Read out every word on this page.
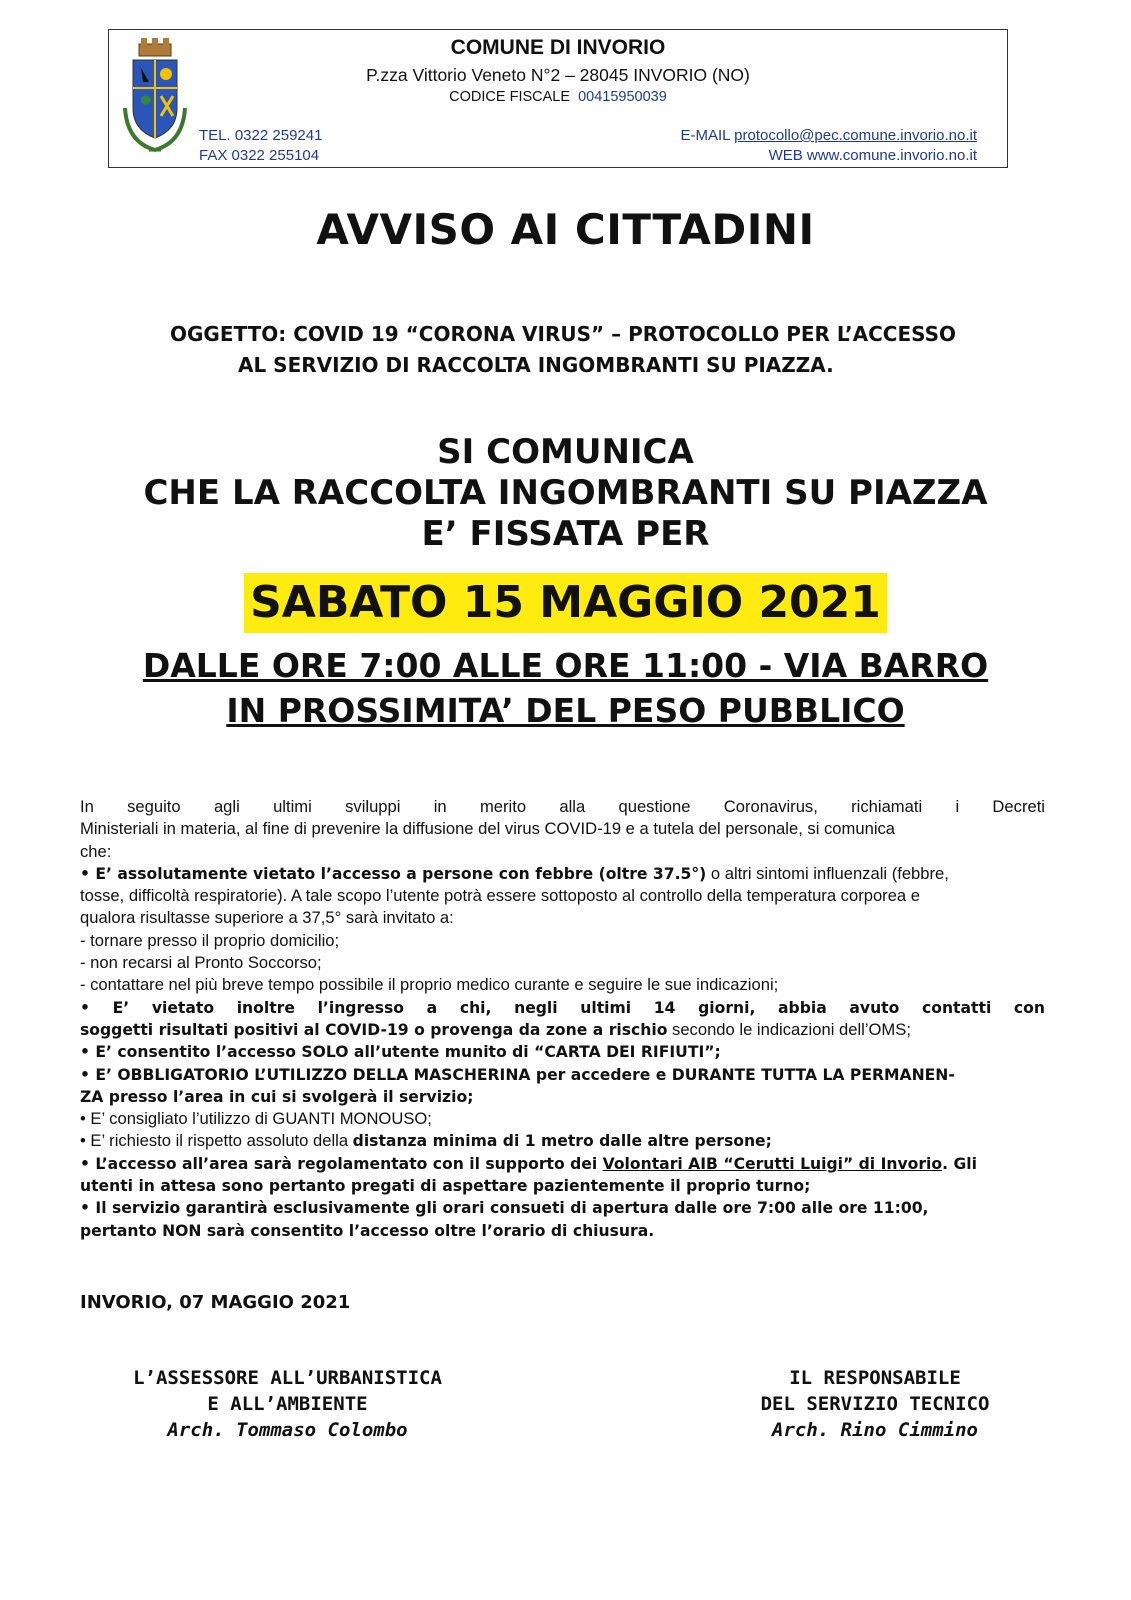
COMUNE DI INVORIO
P.zza Vittorio Veneto N°2 – 28045 INVORIO (NO)
CODICE FISCALE 00415950039
TEL. 0322 259241
FAX 0322 255104
E-MAIL protocollo@pec.comune.invorio.no.it
WEB www.comune.invorio.no.it
AVVISO AI CITTADINI
OGGETTO: COVID 19 “CORONA VIRUS” – PROTOCOLLO PER L’ACCESSO
AL SERVIZIO DI RACCOLTA INGOMBRANTI SU PIAZZA.
SI COMUNICA
CHE LA RACCOLTA INGOMBRANTI SU PIAZZA
E’ FISSATA PER
SABATO 15 MAGGIO 2021
DALLE ORE 7:00 ALLE ORE 11:00 - VIA BARRO
IN PROSSIMITA’ DEL PESO PUBBLICO

In seguito agli ultimi sviluppi in merito alla questione Coronavirus, richiamati i Decreti

Ministeriali in materia, al fine di prevenire la diffusione del virus COVID-19 e a tutela del personale, si comunica

che:

• E’ assolutamente vietato l’accesso a persone con febbre (oltre 37.5°) o altri sintomi influenzali (febbre,

tosse, difficoltà respiratorie). A tale scopo l’utente potrà essere sottoposto al controllo della temperatura corporea e

qualora risultasse superiore a 37,5° sarà invitato a:

- tornare presso il proprio domicilio;

- non recarsi al Pronto Soccorso;

- contattare nel più breve tempo possibile il proprio medico curante e seguire le sue indicazioni;

• E’ vietato inoltre l’ingresso a chi, negli ultimi 14 giorni, abbia avuto contatti con

soggetti risultati positivi al COVID-19 o provenga da zone a rischio secondo le indicazioni dell’OMS;

• E’ consentito l’accesso SOLO all’utente munito di “CARTA DEI RIFIUTI”;

• E’ OBBLIGATORIO L’UTILIZZO DELLA MASCHERINA per accedere e DURANTE TUTTA LA PERMANEN-

ZA presso l’area in cui si svolgerà il servizio;

• E’ consigliato l’utilizzo di GUANTI MONOUSO;

• E’ richiesto il rispetto assoluto della distanza minima di 1 metro dalle altre persone;

• L’accesso all’area sarà regolamentato con il supporto dei Volontari AIB “Cerutti Luigi” di Invorio. Gli

utenti in attesa sono pertanto pregati di aspettare pazientemente il proprio turno;

• Il servizio garantirà esclusivamente gli orari consueti di apertura dalle ore 7:00 alle ore 11:00,

pertanto NON sarà consentito l’accesso oltre l’orario di chiusura.

INVORIO, 07 MAGGIO 2021
L’ASSESSORE ALL’URBANISTICA
E ALL’AMBIENTE
Arch. Tommaso Colombo
IL RESPONSABILE
DEL SERVIZIO TECNICO
Arch. Rino Cimmino
